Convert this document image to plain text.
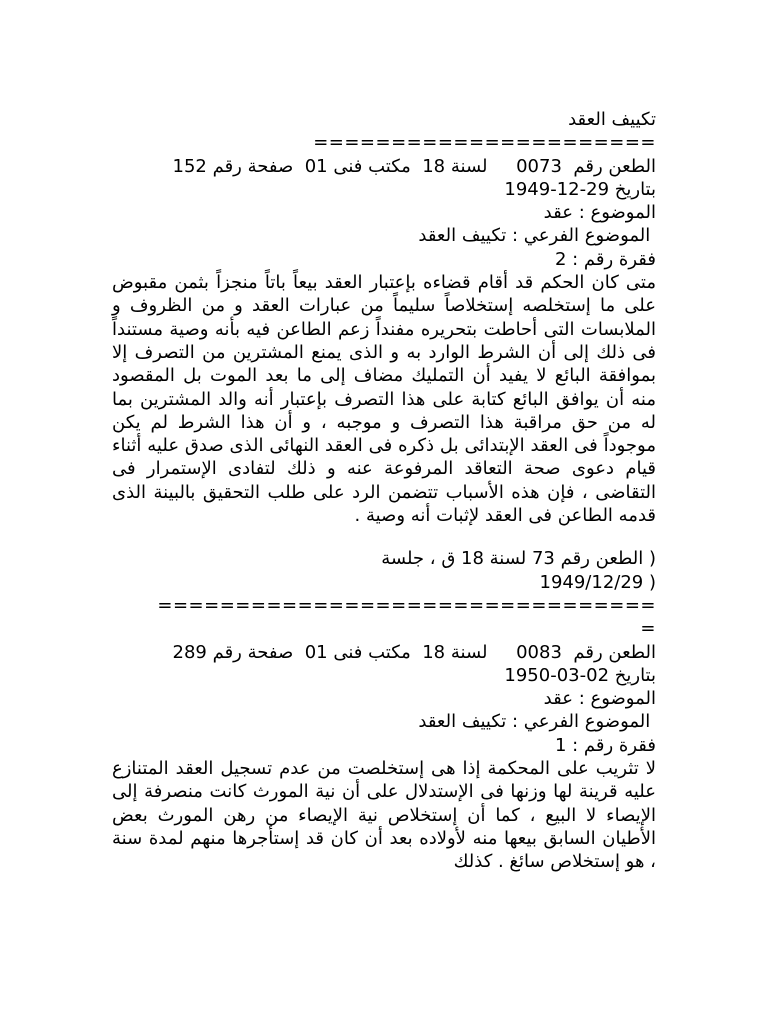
تكييف العقد
======================
الطعن رقم  0073     لسنة 18  مكتب فنى 01  صفحة رقم 152
بتاريخ 29-12-1949
الموضوع : عقد
الموضوع الفرعي : تكييف العقد
فقرة رقم : 2

متى كان الحكم قد أقام قضاءه بإعتبار العقد بيعاً باتاً منجزاً بثمن مقبوض على ما إستخلصه إستخلاصاً سليماً من عبارات العقد و من الظروف و الملابسات التى أحاطت بتحريره مفنداً زعم الطاعن فيه بأنه وصية مستنداً فى ذلك إلى أن الشرط الوارد به و الذى يمنع المشترين من التصرف إلا بموافقة البائع لا يفيد أن التمليك مضاف إلى ما بعد الموت بل المقصود منه أن يوافق البائع كتابة على هذا التصرف بإعتبار أنه والد المشترين بما له من حق مراقبة هذا التصرف و موجبه ، و أن هذا الشرط لم يكن موجوداً فى العقد الإبتدائى بل ذكره فى العقد النهائى الذى صدق عليه أثناء قيام دعوى صحة التعاقد المرفوعة عنه و ذلك لتفادى الإستمرار فى التقاضى ، فإن هذه الأسباب تتضمن الرد على طلب التحقيق بالبينة الذى قدمه الطاعن فى العقد لإثبات أنه وصية .

( الطعن رقم 73 لسنة 18 ق ، جلسة
( 1949/12/29
================================
=
الطعن رقم  0083     لسنة 18  مكتب فنى 01  صفحة رقم 289
بتاريخ 02-03-1950
الموضوع : عقد
الموضوع الفرعي : تكييف العقد
فقرة رقم : 1

لا تثريب على المحكمة إذا هى إستخلصت من عدم تسجيل العقد المتنازع عليه قرينة لها وزنها فى الإستدلال على أن نية المورث كانت منصرفة إلى الإيصاء لا البيع ، كما أن إستخلاص نية الإيصاء من رهن المورث بعض الأطيان السابق بيعها منه لأولاده بعد أن كان قد إستأجرها منهم لمدة سنة ، هو إستخلاص سائغ . كذلك
